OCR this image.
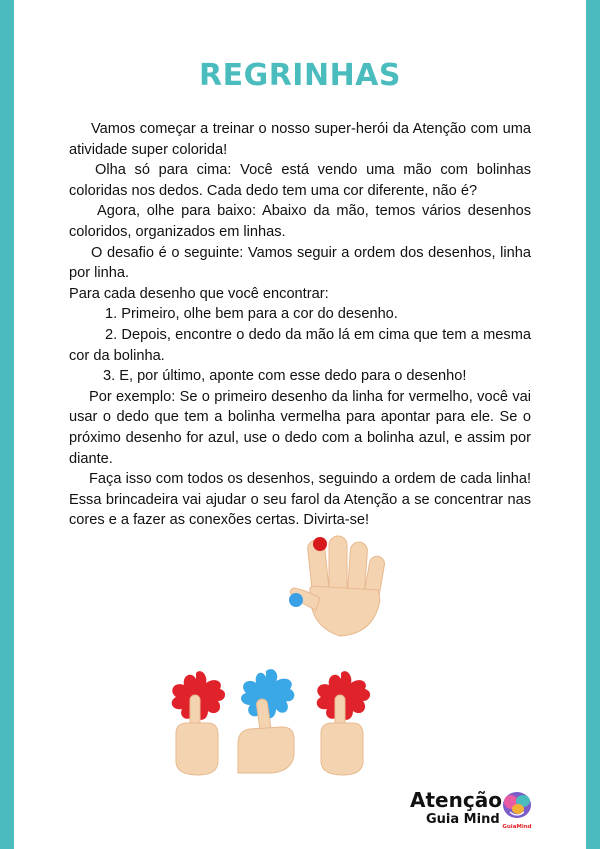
REGRINHAS

Vamos começar a treinar o nosso super-herói da Atenção com uma atividade super colorida!

Olha só para cima: Você está vendo uma mão com bolinhas coloridas nos dedos. Cada dedo tem uma cor diferente, não é?

Agora, olhe para baixo: Abaixo da mão, temos vários desenhos coloridos, organizados em linhas.

O desafio é o seguinte: Vamos seguir a ordem dos desenhos, linha por linha.

Para cada desenho que você encontrar:

1. Primeiro, olhe bem para a cor do desenho.

2. Depois, encontre o dedo da mão lá em cima que tem a mesma cor da bolinha.

3. E, por último, aponte com esse dedo para o desenho!

Por exemplo: Se o primeiro desenho da linha for vermelho, você vai usar o dedo que tem a bolinha vermelha para apontar para ele. Se o próximo desenho for azul, use o dedo com a bolinha azul, e assim por diante.

Faça isso com todos os desenhos, seguindo a ordem de cada linha! Essa brincadeira vai ajudar o seu farol da Atenção a se concentrar nas cores e a fazer as conexões certas. Divirta-se!

Atenção
Guia Mind GuiaMind
